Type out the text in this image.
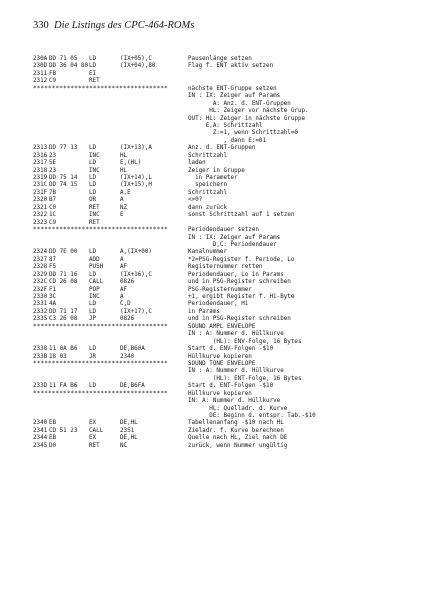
330 Die Listings des CPC-464-ROMs
230A DD 71 05 LD	(IX+05),C	Pausenlänge setzen
230D DD 36 04 80 LD	(IX+04),80	Flag f. ENT aktiv setzen
2311 FB	EI
2312 C9	RET
************************************	nächste ENT-Gruppe setzen
IN : IX: Zeiger auf Params
A: Anz. d. ENT-Gruppen
HL: Zeiger vor nächste Grup.
OUT: HL: Zeiger in nächste Gruppe
E,A: Schrittzahl
Z:=1, wenn Schrittzahl=0
, dann E:=01
2313 DD 77 13 LD	(IX+13),A	Anz. d. ENT-Gruppen
2316 23	INC	HL	Schrittzahl
2317 5E	LD	E,(HL)	laden
2318 23	INC	HL	Zeiger in Gruppe
2319 DD 75 14 LD	(IX+14),L	in Parameter
231C DD 74 15 LD	(IX+15),H	speichern
231F 7B	LD	A,E	Schrittzahl
2320 B7	OR	A	<>0?
2321 C0	RET	NZ	dann zurück
2322 1C	INC	E	sonst Schrittzahl auf 1 setzen
2323 C9	RET
************************************	Periodendauer setzen
IN : IX: Zeiger auf Params
D,C: Periodendauer
2324 DD 7E 00 LD	A,(IX+00)	Kanalnummer
2327 87	ADD	A	*2=PSG-Register f. Periode, Lo
2328 F5	PUSH	AF	Registernummer retten
2329 DD 71 16 LD	(IX+16),C	Periodendauer, Lo in Params
232C CD 26 08 CALL	0826	und in PSG-Register schreiben
232F F1	POP	AF	PSG-Registernummer
2330 3C	INC	A	+1, ergibt Register f. Hi-Byte
2331 4A	LD	C,D	Periodendauer, Hi
2332 DD 71 17 LD	(IX+17),C	in Params
2335 C3 26 08 JP	0826	und in PSG-Register schreiben
************************************	SOUND AMPL ENVELOPE
IN : A: Nummer d. Hüllkurve
(HL): ENV-Folge, 16 Bytes
2338 11 0A B6 LD	DE,B60A	Start d. ENV-Folgen -$10
233B 18 03	JR	2340	Hüllkurve kopieren
************************************	SOUND TONE ENVELOPE
IN : A: Nummer d. Hüllkurve
(HL): ENT-Folge, 16 Bytes
233D 11 FA B6 LD	DE,B6FA	Start d. ENT-Folgen -$10
************************************	Hüllkurve kopieren
IN: A: Nummer d. Hüllkurve
HL: Quelladr. d. Kurve
DE: Beginn d. entspr. Tab.-$10
2340 EB	EX	DE,HL	Tabellenanfang -$10 nach HL
2341 CD 51 23 CALL	2351	Zieladr. f. Kurve berechnen
2344 EB	EX	DE,HL	Quelle nach HL, Ziel nach DE
2345 D0	RET	NC	zurück, wenn Nummer ungültig
